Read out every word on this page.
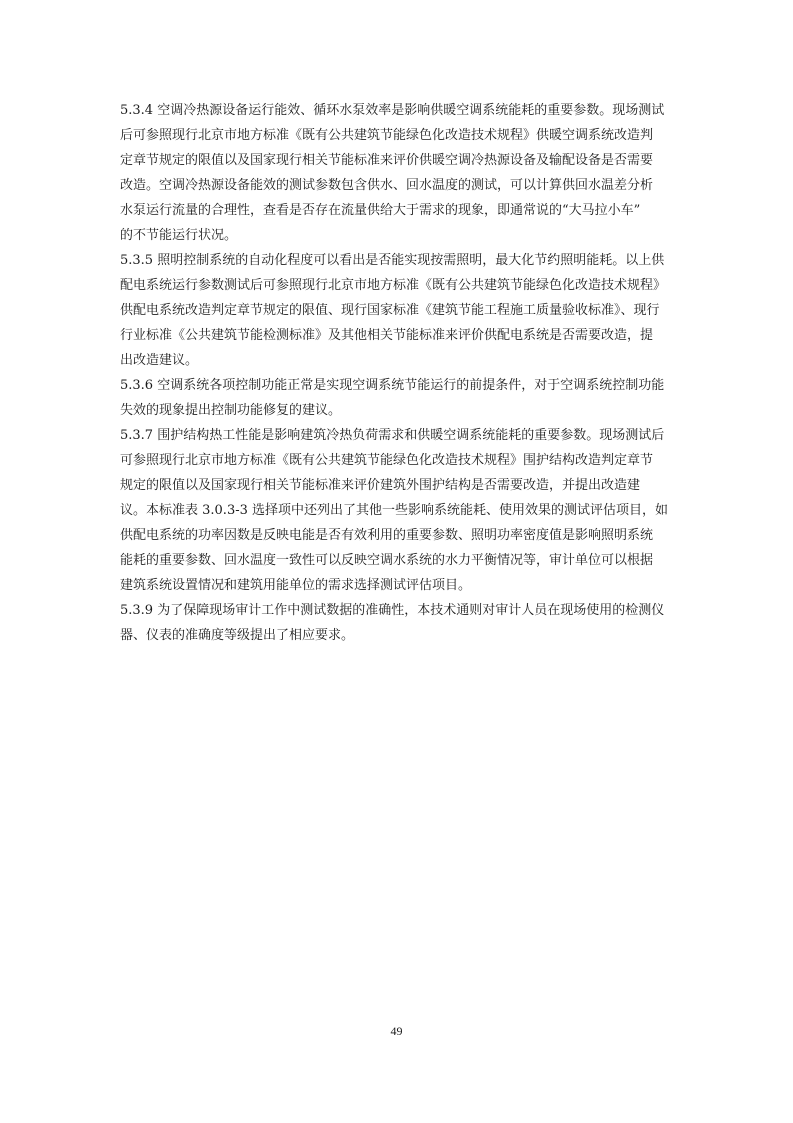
5.3.4 空调冷热源设备运行能效、循环水泵效率是影响供暖空调系统能耗的重要参数。现场测试
后可参照现行北京市地方标准《既有公共建筑节能绿色化改造技术规程》供暖空调系统改造判
定章节规定的限值以及国家现行相关节能标准来评价供暖空调冷热源设备及输配设备是否需要
改造。空调冷热源设备能效的测试参数包含供水、回水温度的测试，可以计算供回水温差分析
水泵运行流量的合理性，查看是否存在流量供给大于需求的现象，即通常说的“大马拉小车”
的不节能运行状况。

5.3.5 照明控制系统的自动化程度可以看出是否能实现按需照明，最大化节约照明能耗。以上供
配电系统运行参数测试后可参照现行北京市地方标准《既有公共建筑节能绿色化改造技术规程》
供配电系统改造判定章节规定的限值、现行国家标准《建筑节能工程施工质量验收标准》、现行
行业标准《公共建筑节能检测标准》及其他相关节能标准来评价供配电系统是否需要改造，提
出改造建议。

5.3.6 空调系统各项控制功能正常是实现空调系统节能运行的前提条件，对于空调系统控制功能
失效的现象提出控制功能修复的建议。

5.3.7 围护结构热工性能是影响建筑冷热负荷需求和供暖空调系统能耗的重要参数。现场测试后
可参照现行北京市地方标准《既有公共建筑节能绿色化改造技术规程》围护结构改造判定章节
规定的限值以及国家现行相关节能标准来评价建筑外围护结构是否需要改造，并提出改造建
议。本标准表 3.0.3-3 选择项中还列出了其他一些影响系统能耗、使用效果的测试评估项目，如
供配电系统的功率因数是反映电能是否有效利用的重要参数、照明功率密度值是影响照明系统
能耗的重要参数、回水温度一致性可以反映空调水系统的水力平衡情况等，审计单位可以根据
建筑系统设置情况和建筑用能单位的需求选择测试评估项目。

5.3.9 为了保障现场审计工作中测试数据的准确性，本技术通则对审计人员在现场使用的检测仪
器、仪表的准确度等级提出了相应要求。

49
